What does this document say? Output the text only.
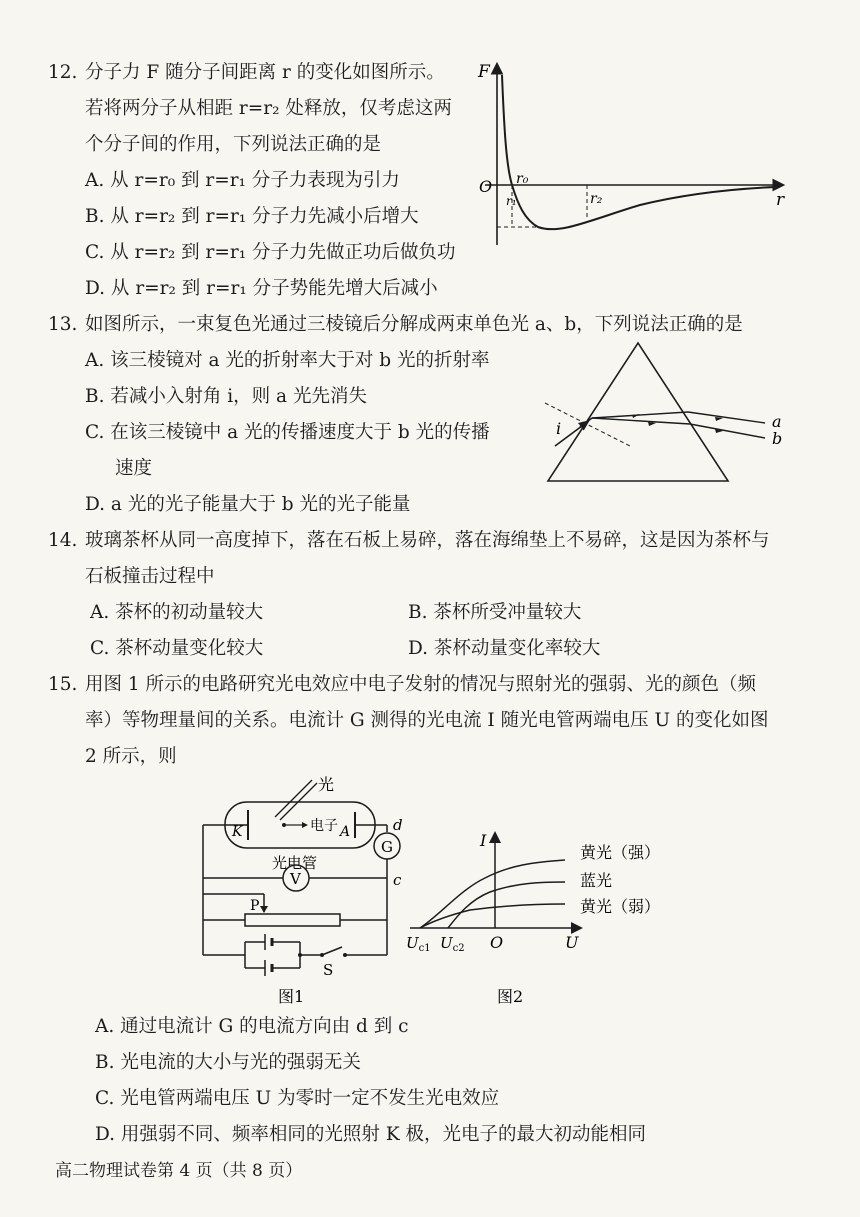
12. 分子力 F 随分子间距离 r 的变化如图所示。
若将两分子从相距 r=r₂ 处释放，仅考虑这两
个分子间的作用，下列说法正确的是
A. 从 r=r₀ 到 r=r₁ 分子力表现为引力
B. 从 r=r₂ 到 r=r₁ 分子力先减小后增大
C. 从 r=r₂ 到 r=r₁ 分子力先做正功后做负功
D. 从 r=r₂ 到 r=r₁ 分子势能先增大后减小
F
r
O r₀
r₁	r₂
13. 如图所示，一束复色光通过三棱镜后分解成两束单色光 a、b，下列说法正确的是
A. 该三棱镜对 a 光的折射率大于对 b 光的折射率
B. 若减小入射角 i，则 a 光先消失
C. 在该三棱镜中 a 光的传播速度大于 b 光的传播
速度
D. a 光的光子能量大于 b 光的光子能量
i	a
b
14. 玻璃茶杯从同一高度掉下，落在石板上易碎，落在海绵垫上不易碎，这是因为茶杯与
石板撞击过程中
A. 茶杯的初动量较大	B. 茶杯所受冲量较大
C. 茶杯动量变化较大	D. 茶杯动量变化率较大
15. 用图 1 所示的电路研究光电效应中电子发射的情况与照射光的强弱、光的颜色（频
率）等物理量间的关系。电流计 G 测得的光电流 I 随光电管两端电压 U 的变化如图
2 所示，则
光
K	电子 A
光电管
d
G
c
V
P
S
图1
I
U
O
$U_{c1}$ $U_{c2}$
黄光（强）
蓝光
黄光（弱）
图2
A. 通过电流计 G 的电流方向由 d 到 c
B. 光电流的大小与光的强弱无关
C. 光电管两端电压 U 为零时一定不发生光电效应
D. 用强弱不同、频率相同的光照射 K 极，光电子的最大初动能相同
高二物理试卷第 4 页（共 8 页）
